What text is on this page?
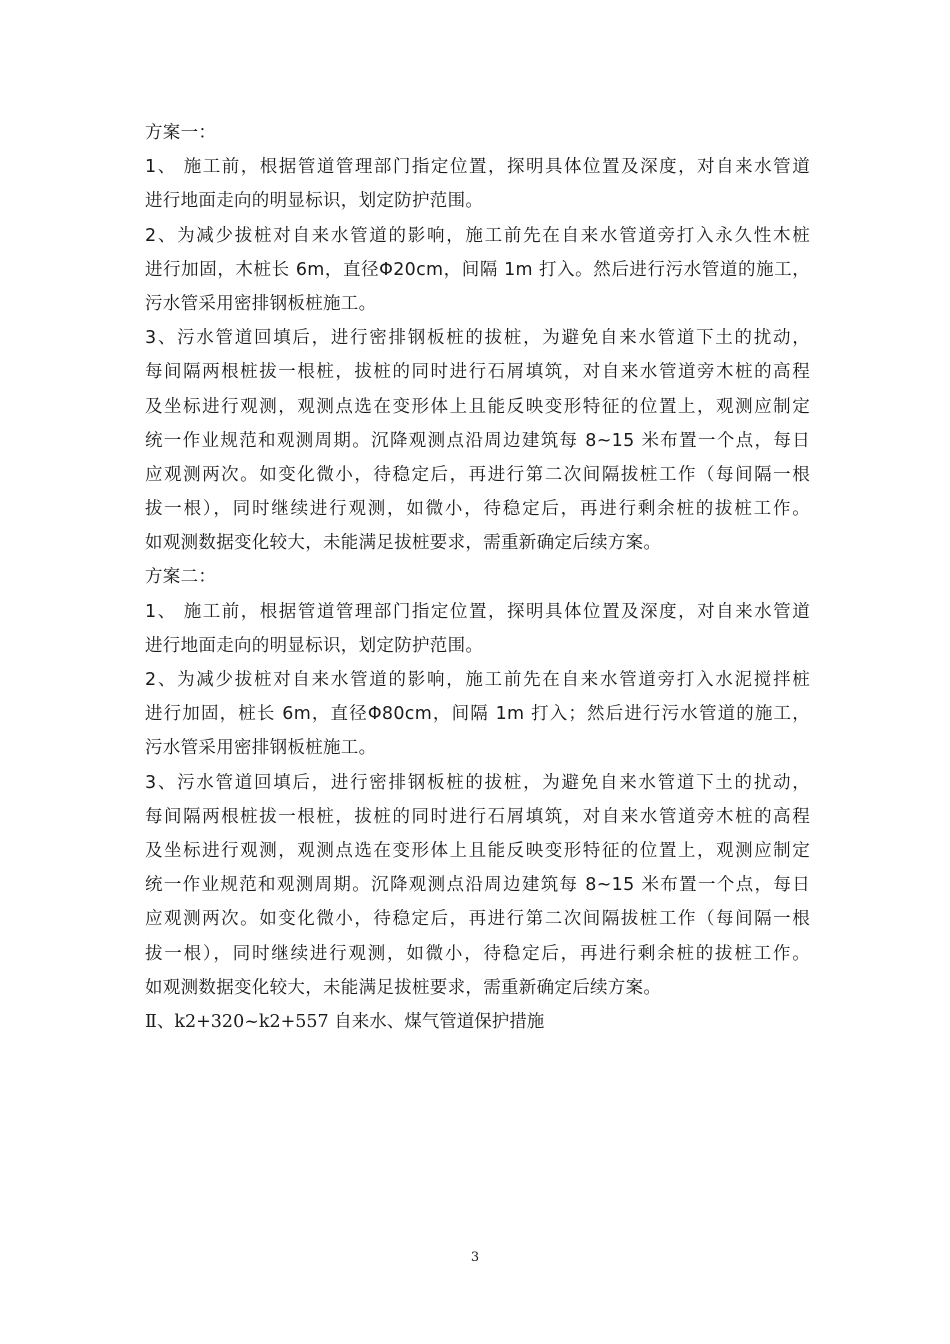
方案一：
1、 施工前，根据管道管理部门指定位置，探明具体位置及深度，对自来水管道
进行地面走向的明显标识，划定防护范围。
2、为减少拔桩对自来水管道的影响，施工前先在自来水管道旁打入永久性木桩
进行加固，木桩长 6m，直径Φ20cm，间隔 1m 打入。然后进行污水管道的施工，
污水管采用密排钢板桩施工。
3、污水管道回填后，进行密排钢板桩的拔桩，为避免自来水管道下土的扰动，
每间隔两根桩拔一根桩，拔桩的同时进行石屑填筑，对自来水管道旁木桩的高程
及坐标进行观测，观测点选在变形体上且能反映变形特征的位置上，观测应制定
统一作业规范和观测周期。沉降观测点沿周边建筑每 8~15 米布置一个点，每日
应观测两次。如变化微小，待稳定后，再进行第二次间隔拔桩工作（每间隔一根
拔一根），同时继续进行观测，如微小，待稳定后，再进行剩余桩的拔桩工作。
如观测数据变化较大，未能满足拔桩要求，需重新确定后续方案。
方案二：
1、 施工前，根据管道管理部门指定位置，探明具体位置及深度，对自来水管道
进行地面走向的明显标识，划定防护范围。
2、为减少拔桩对自来水管道的影响，施工前先在自来水管道旁打入水泥搅拌桩
进行加固，桩长 6m，直径Φ80cm，间隔 1m 打入；然后进行污水管道的施工，
污水管采用密排钢板桩施工。
3、污水管道回填后，进行密排钢板桩的拔桩，为避免自来水管道下土的扰动，
每间隔两根桩拔一根桩，拔桩的同时进行石屑填筑，对自来水管道旁木桩的高程
及坐标进行观测，观测点选在变形体上且能反映变形特征的位置上，观测应制定
统一作业规范和观测周期。沉降观测点沿周边建筑每 8~15 米布置一个点，每日
应观测两次。如变化微小，待稳定后，再进行第二次间隔拔桩工作（每间隔一根
拔一根），同时继续进行观测，如微小，待稳定后，再进行剩余桩的拔桩工作。
如观测数据变化较大，未能满足拔桩要求，需重新确定后续方案。
Ⅱ、k2+320~k2+557 自来水、煤气管道保护措施
3
